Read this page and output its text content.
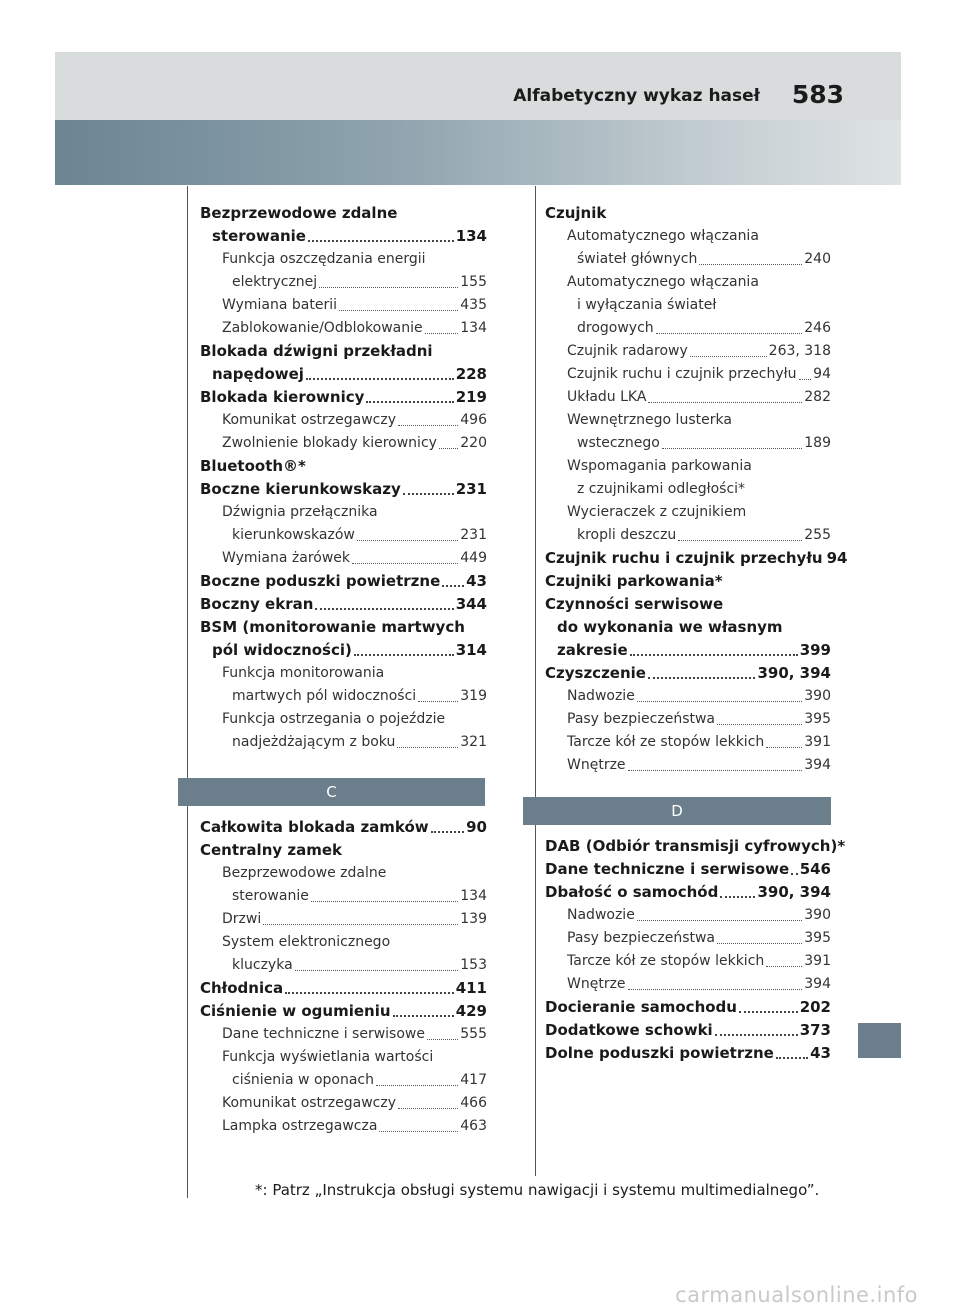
Alfabetyczny wykaz haseł 583
Bezprzewodowe zdalne
sterowanie	134
Funkcja oszczędzania energii
elektrycznej	155
Wymiana baterii	435
Zablokowanie/Odblokowanie	134
Blokada dźwigni przekładni
napędowej	228
Blokada kierownicy	219
Komunikat ostrzegawczy	496
Zwolnienie blokady kierownicy 220
Bluetooth®*
Boczne kierunkowskazy	231
Dźwignia przełącznika
kierunkowskazów	231
Wymiana żarówek	449
Boczne poduszki powietrzne 43
Boczny ekran	344
BSM (monitorowanie martwych
pól widoczności)	314
Funkcja monitorowania
martwych pól widoczności	319
Funkcja ostrzegania o pojeździe
nadjeżdżającym z boku	321
C
Całkowita blokada zamków 90
Centralny zamek
Bezprzewodowe zdalne
sterowanie	134
Drzwi	139
System elektronicznego
kluczyka	153
Chłodnica	411
Ciśnienie w ogumieniu	429
Dane techniczne i serwisowe	555
Funkcja wyświetlania wartości
ciśnienia w oponach	417
Komunikat ostrzegawczy	466
Lampka ostrzegawcza	463
Czujnik
Automatycznego włączania
świateł głównych	240
Automatycznego włączania
i wyłączania świateł
drogowych	246
Czujnik radarowy	263, 318
Czujnik ruchu i czujnik przechyłu 94
Układu LKA	282
Wewnętrznego lusterka
wstecznego	189
Wspomagania parkowania
z czujnikami odległości*
Wycieraczek z czujnikiem
kropli deszczu	255
Czujnik ruchu i czujnik przechyłu 94
Czujniki parkowania*
Czynności serwisowe
do wykonania we własnym
zakresie	399
Czyszczenie	390, 394
Nadwozie	390
Pasy bezpieczeństwa	395
Tarcze kół ze stopów lekkich	391
Wnętrze	394
D
DAB (Odbiór transmisji cyfrowych)*
Dane techniczne i serwisowe 546
Dbałość o samochód	390, 394
Nadwozie	390
Pasy bezpieczeństwa	395
Tarcze kół ze stopów lekkich	391
Wnętrze	394
Docieranie samochodu	202
Dodatkowe schowki	373
Dolne poduszki powietrzne 43
*: Patrz „Instrukcja obsługi systemu nawigacji i systemu multimedialnego”.
carmanualsonline.info
